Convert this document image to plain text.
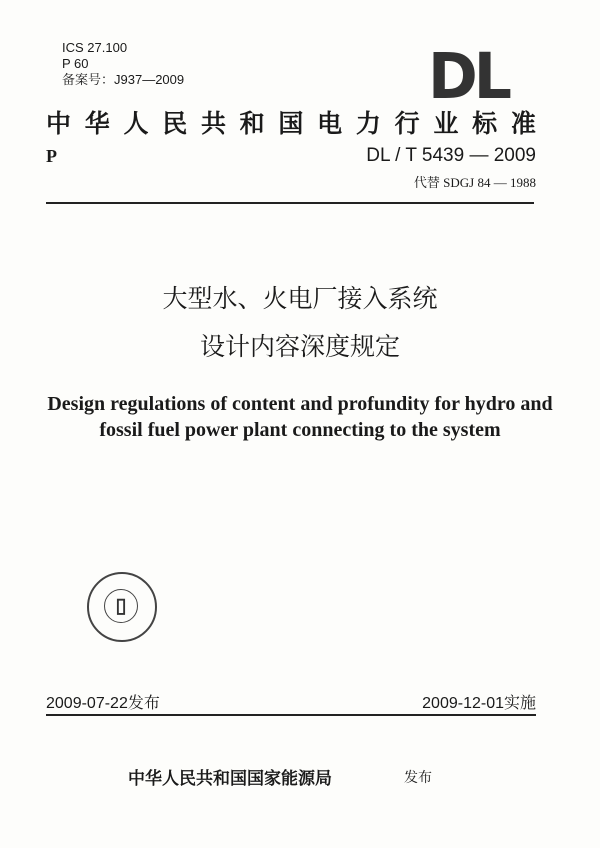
ICS 27.100
P 60
备案号：J937—2009	DL
中 华 人 民 共 和 国 电 力 行 业 标 准
P	DL / T 5439 — 2009
代替 SDGJ 84 — 1988
大型水、火电厂接入系统
设计内容深度规定
Design regulations of content and profundity for hydro and
fossil fuel power plant connecting to the system
▯
2009-07-22发布	2009-12-01实施
中华人民共和国国家能源局	发布
